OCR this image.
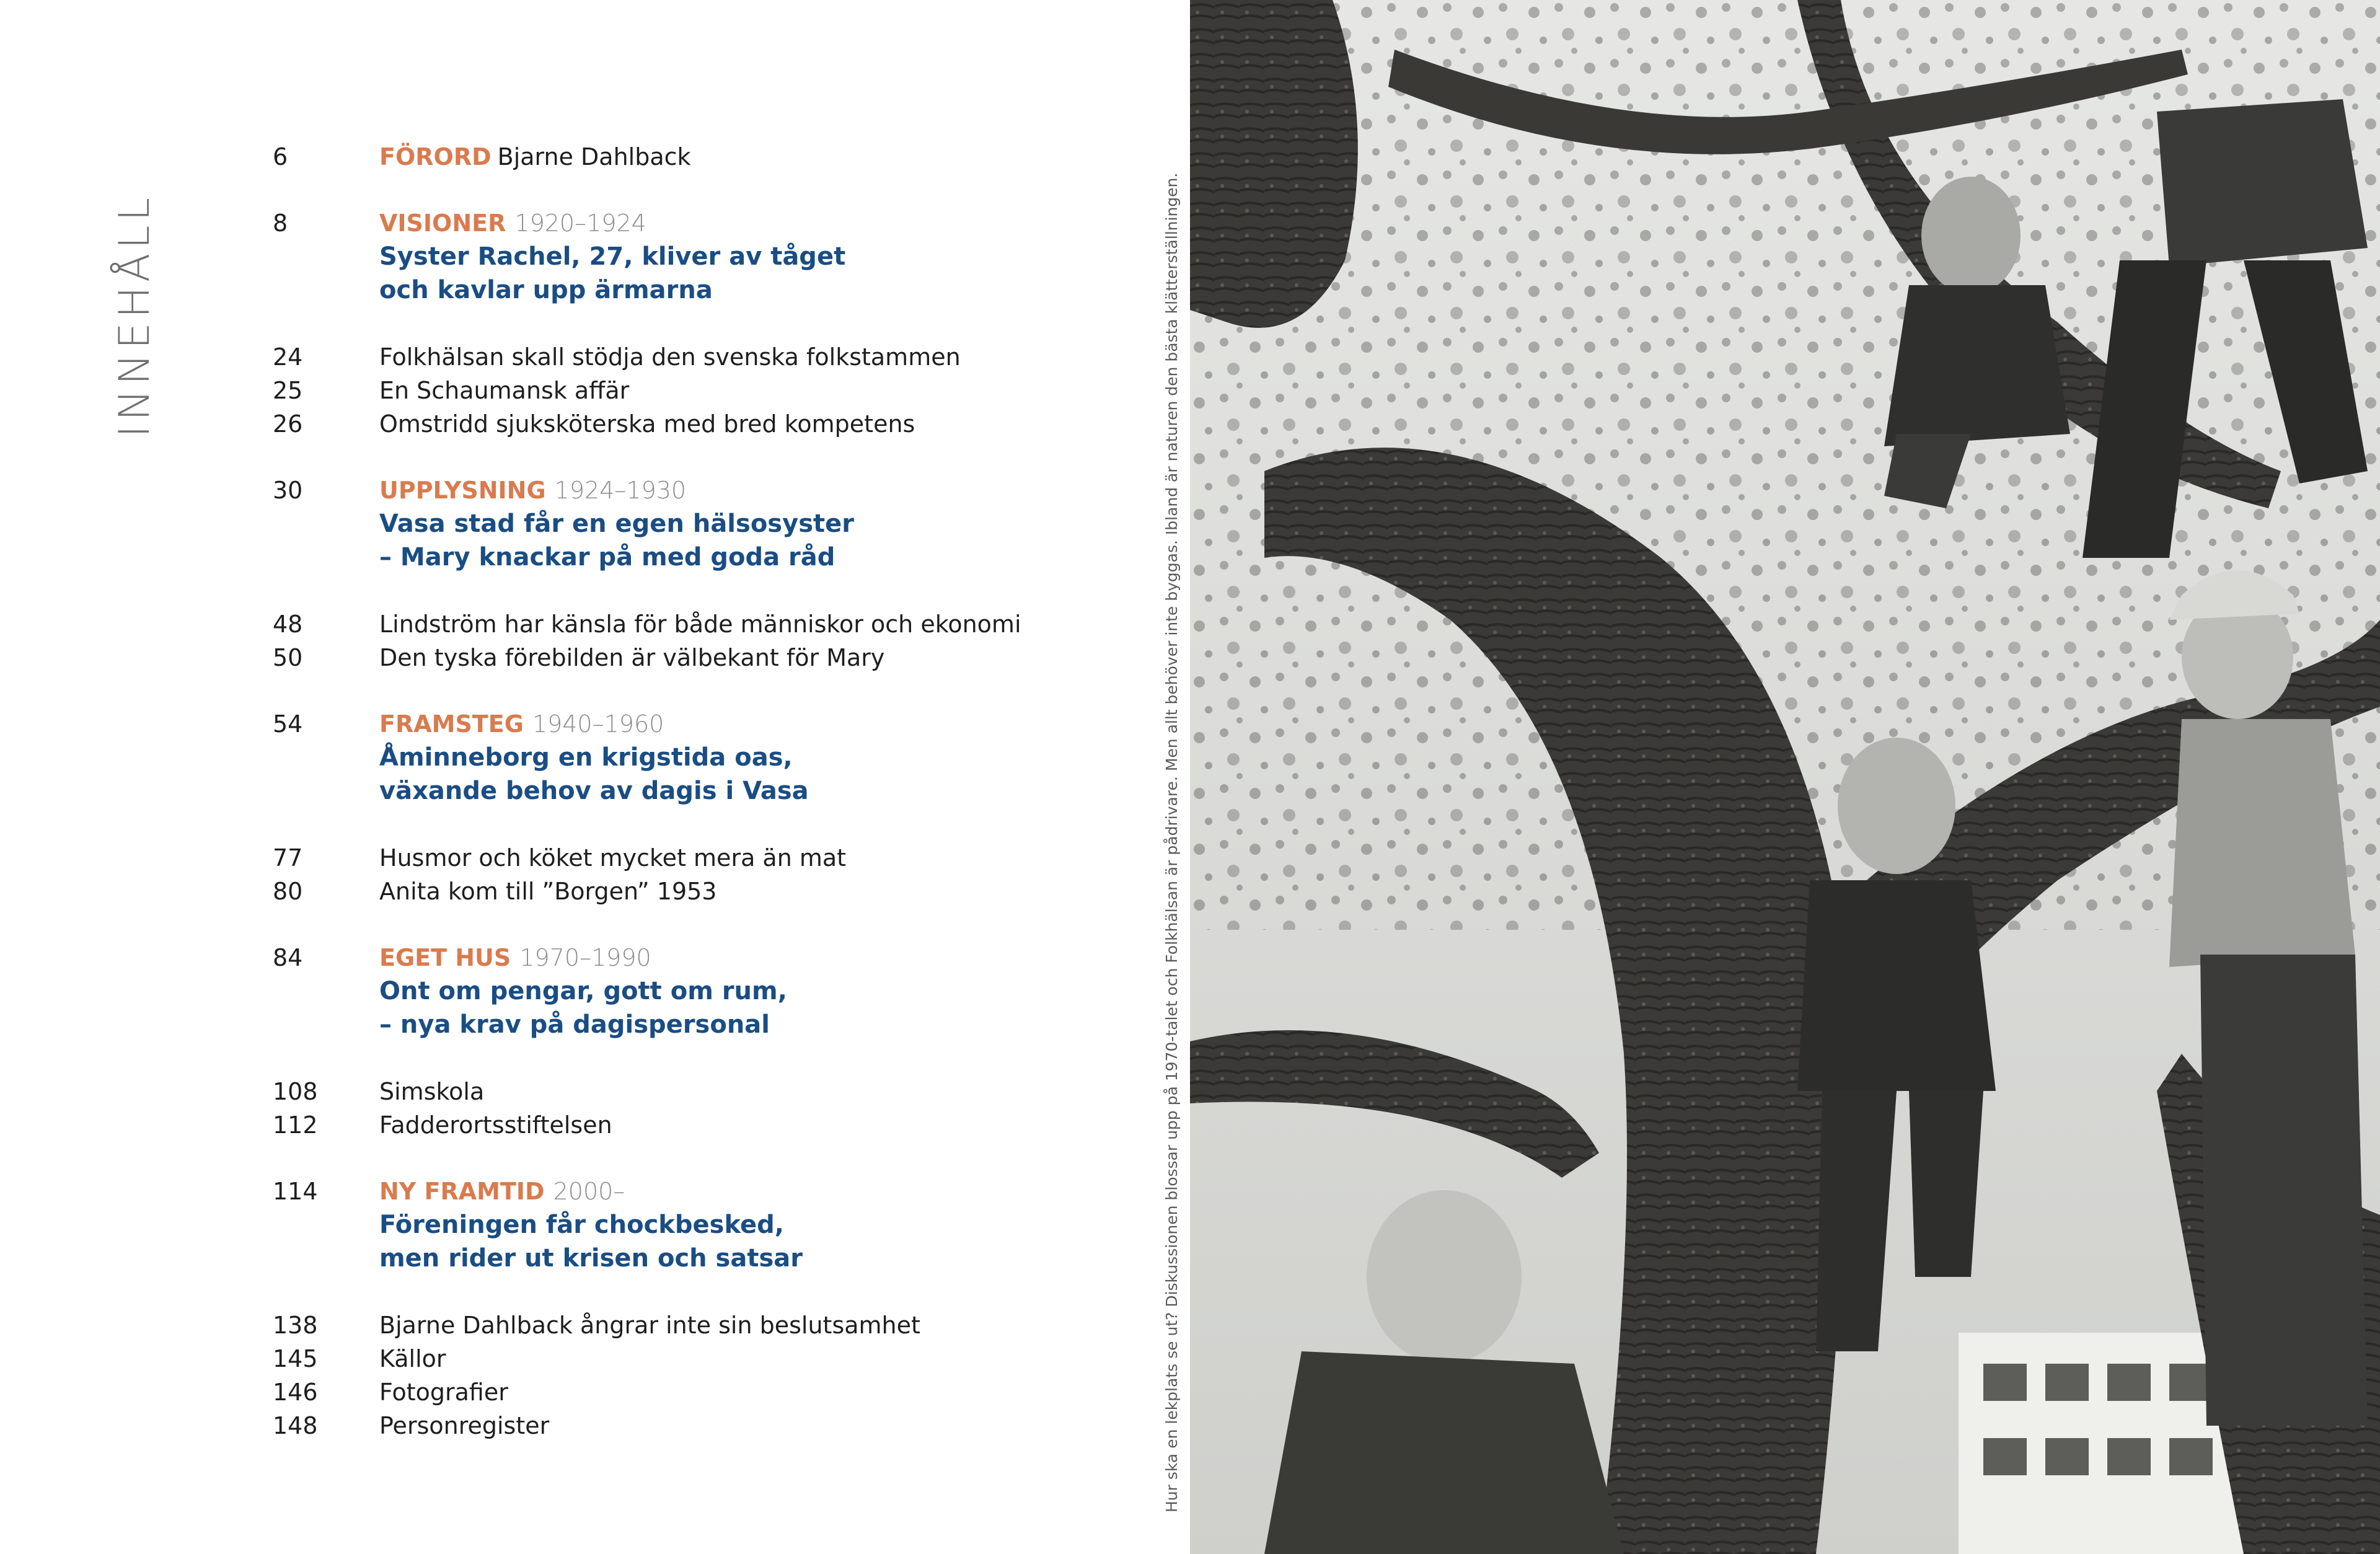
INNEHÅLL
6	FÖRORD Bjarne Dahlback
8	VISIONER 1920–1924
Syster Rachel, 27, kliver av tåget
och kavlar upp ärmarna
24	Folkhälsan skall stödja den svenska folkstammen
25	En Schaumansk affär
26	Omstridd sjuksköterska med bred kompetens
30	UPPLYSNING 1924–1930
Vasa stad får en egen hälsosyster
– Mary knackar på med goda råd
48	Lindström har känsla för både människor och ekonomi
50	Den tyska förebilden är välbekant för Mary
54	FRAMSTEG 1940–1960
Åminneborg en krigstida oas,
växande behov av dagis i Vasa
77	Husmor och köket mycket mera än mat
80	Anita kom till ”Borgen” 1953
84	EGET HUS 1970–1990
Ont om pengar, gott om rum,
– nya krav på dagispersonal
108	Simskola
112	Fadderortsstiftelsen
114	NY FRAMTID 2000–
Föreningen får chockbesked,
men rider ut krisen och satsar
138	Bjarne Dahlback ångrar inte sin beslutsamhet
145	Källor
146	Fotografier
148	Personregister	Hur ska en lekplats se ut? Diskussionen blossar upp på 1970-talet och Folkhälsan är pådrivare. Men allt behöver inte byggas. Ibland är naturen den bästa klätterställningen.
